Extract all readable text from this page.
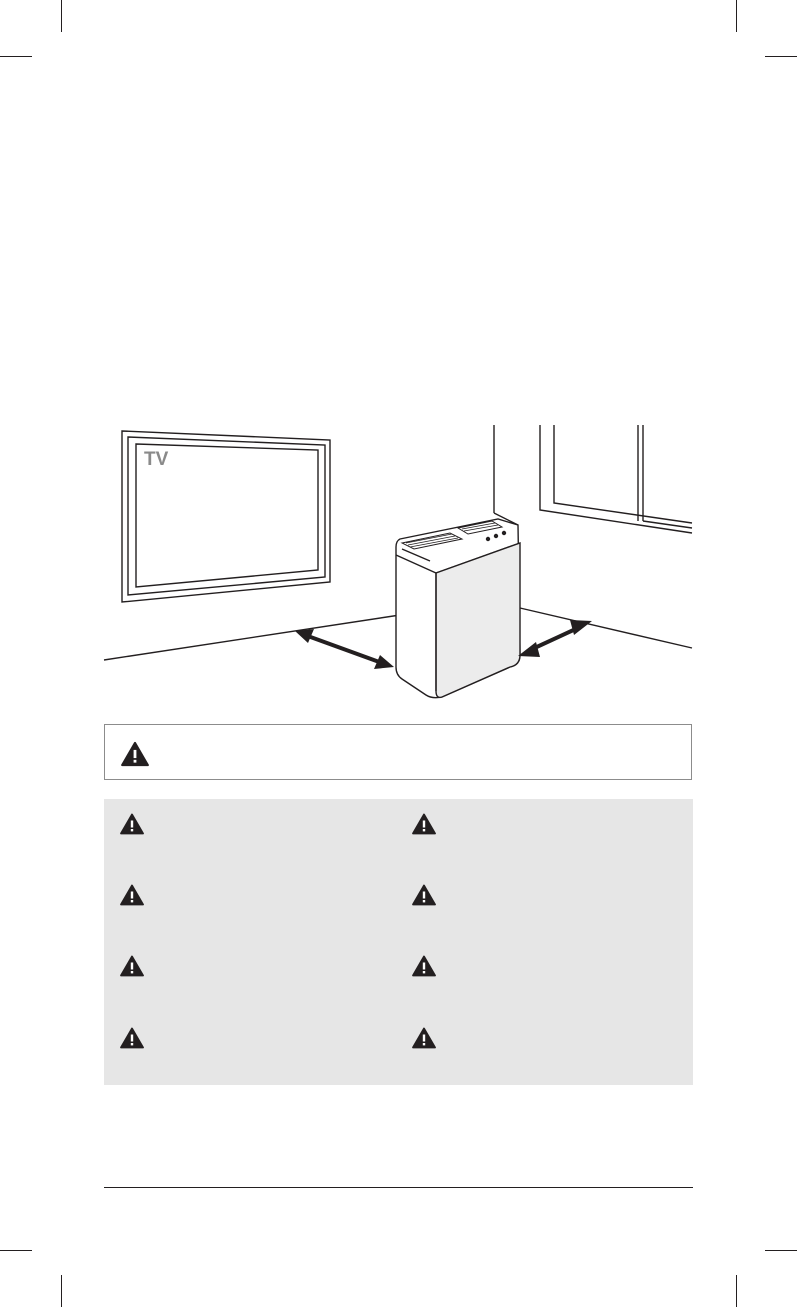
TV
